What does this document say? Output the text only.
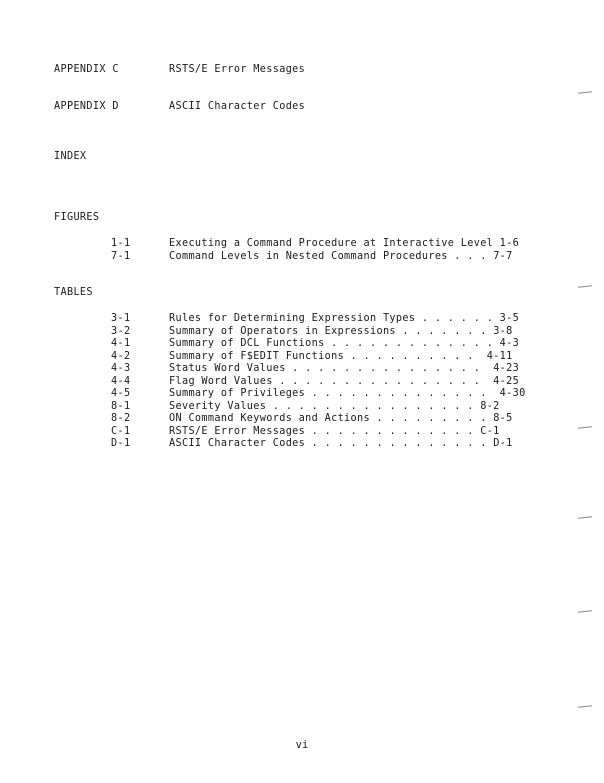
APPENDIX C	RSTS/E Error Messages
APPENDIX D	ASCII Character Codes
INDEX
FIGURES
1-1	Executing a Command Procedure at Interactive Level 1-6
7-1	Command Levels in Nested Command Procedures . . . 7-7
TABLES
3-1	Rules for Determining Expression Types . . . . . . 3-5
3-2	Summary of Operators in Expressions . . . . . . . 3-8
4-1	Summary of DCL Functions . . . . . . . . . . . . . 4-3
4-2	Summary of F$EDIT Functions . . . . . . . . . . 4-11
4-3	Status Word Values . . . . . . . . . . . . . . . 4-23
4-4	Flag Word Values . . . . . . . . . . . . . . . . 4-25
4-5	Summary of Privileges . . . . . . . . . . . . . . 4-30
8-1	Severity Values . . . . . . . . . . . . . . . . 8-2
8-2	ON Command Keywords and Actions . . . . . . . . . 8-5
C-1	RSTS/E Error Messages . . . . . . . . . . . . . C-1
D-1	ASCII Character Codes . . . . . . . . . . . . . . D-1
vi
